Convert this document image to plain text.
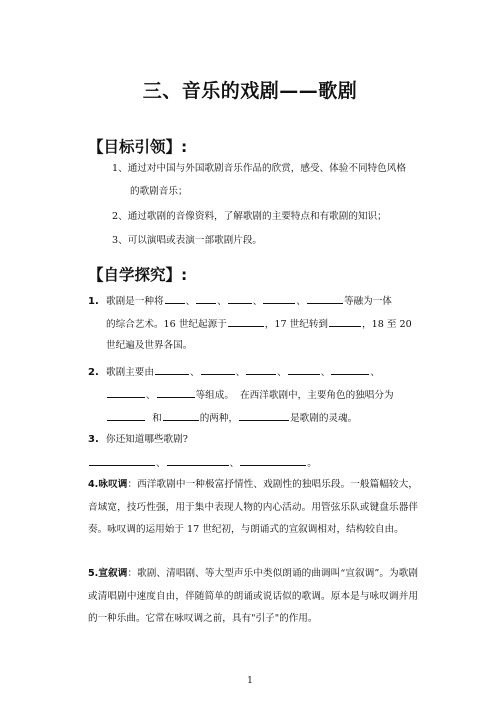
三、音乐的戏剧——歌剧
【目标引领】:
1、通过对中国与外国歌剧音乐作品的欣赏，感受、体验不同特色风格
的歌剧音乐；
2、通过歌剧的音像资料，了解歌剧的主要特点和有歌剧的知识；
3、可以演唱或表演一部歌剧片段。
【自学探究】:
1. 歌剧是一种将 、 、	、	、	等融为一体
的综合艺术。16 世纪起源于	，17 世纪转到	，18 至 20
世纪遍及世界各国。
2. 歌剧主要由	、	、	、	、	、
、	等组成。 在西洋歌剧中，主要角色的独唱分为
和	的两种，	是歌剧的灵魂。
3. 你还知道哪些歌剧?
、	、	。
4.咏叹调：西洋歌剧中一种极富抒情性、戏剧性的独唱乐段。一般篇幅较大，音域宽，技巧性强，用于集中表现人物的内心活动。用管弦乐队或键盘乐器伴奏。咏叹调的运用始于 17 世纪初，与朗诵式的宣叙调相对，结构较自由。
5.宣叙调：歌剧、清唱剧、等大型声乐中类似朗诵的曲调叫“宣叙调”。为歌剧或清唱剧中速度自由，伴随简单的朗诵或说话似的歌调。原本是与咏叹调并用的一种乐曲。它常在咏叹调之前，具有"引子"的作用。
1
